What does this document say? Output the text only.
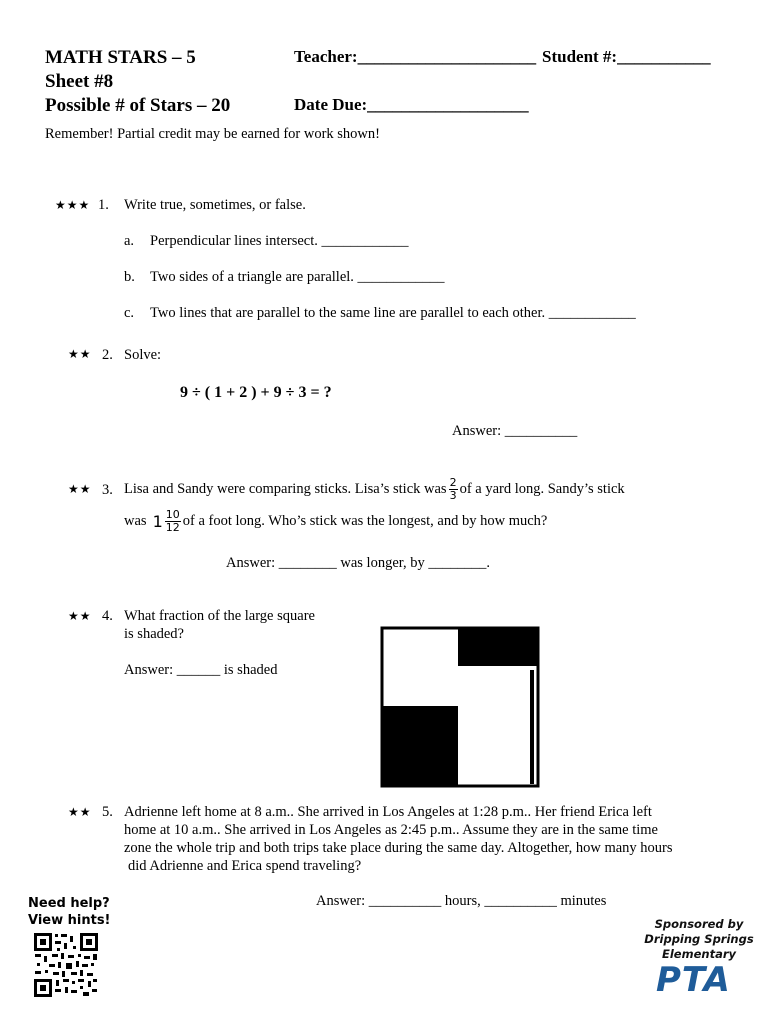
MATH STARS – 5
Sheet #8
Possible # of Stars – 20
Teacher:_____________________ Student #:___________
Date Due:___________________
Remember! Partial credit may be earned for work shown!
★★★ 1. Write true, sometimes, or false.
a. Perpendicular lines intersect. ____________
b. Two sides of a triangle are parallel. ____________
c. Two lines that are parallel to the same line are parallel to each other. ____________
★★ 2. Solve:
9 ÷ ( 1 + 2 ) + 9 ÷ 3 = ?
Answer: __________
★★ 3. Lisa and Sandy were comparing sticks. Lisa’s stick was $\frac{2}{3}$ of a yard long. Sandy’s stick
was $1 \frac{10}{12}$ of a foot long. Who’s stick was the longest, and by how much?
Answer: ________ was longer, by ________.
★★ 4. What fraction of the large square
is shaded?
Answer: ______ is shaded
★★ 5. Adrienne left home at 8 a.m.. She arrived in Los Angeles at 1:28 p.m.. Her friend Erica left
home at 10 a.m.. She arrived in Los Angeles as 2:45 p.m.. Assume they are in the same time
zone the whole trip and both trips take place during the same day. Altogether, how many hours
did Adrienne and Erica spend traveling?
Answer: __________ hours, __________ minutes
Need help?
View hints!	Sponsored by
Dripping Springs
Elementary
PTA
